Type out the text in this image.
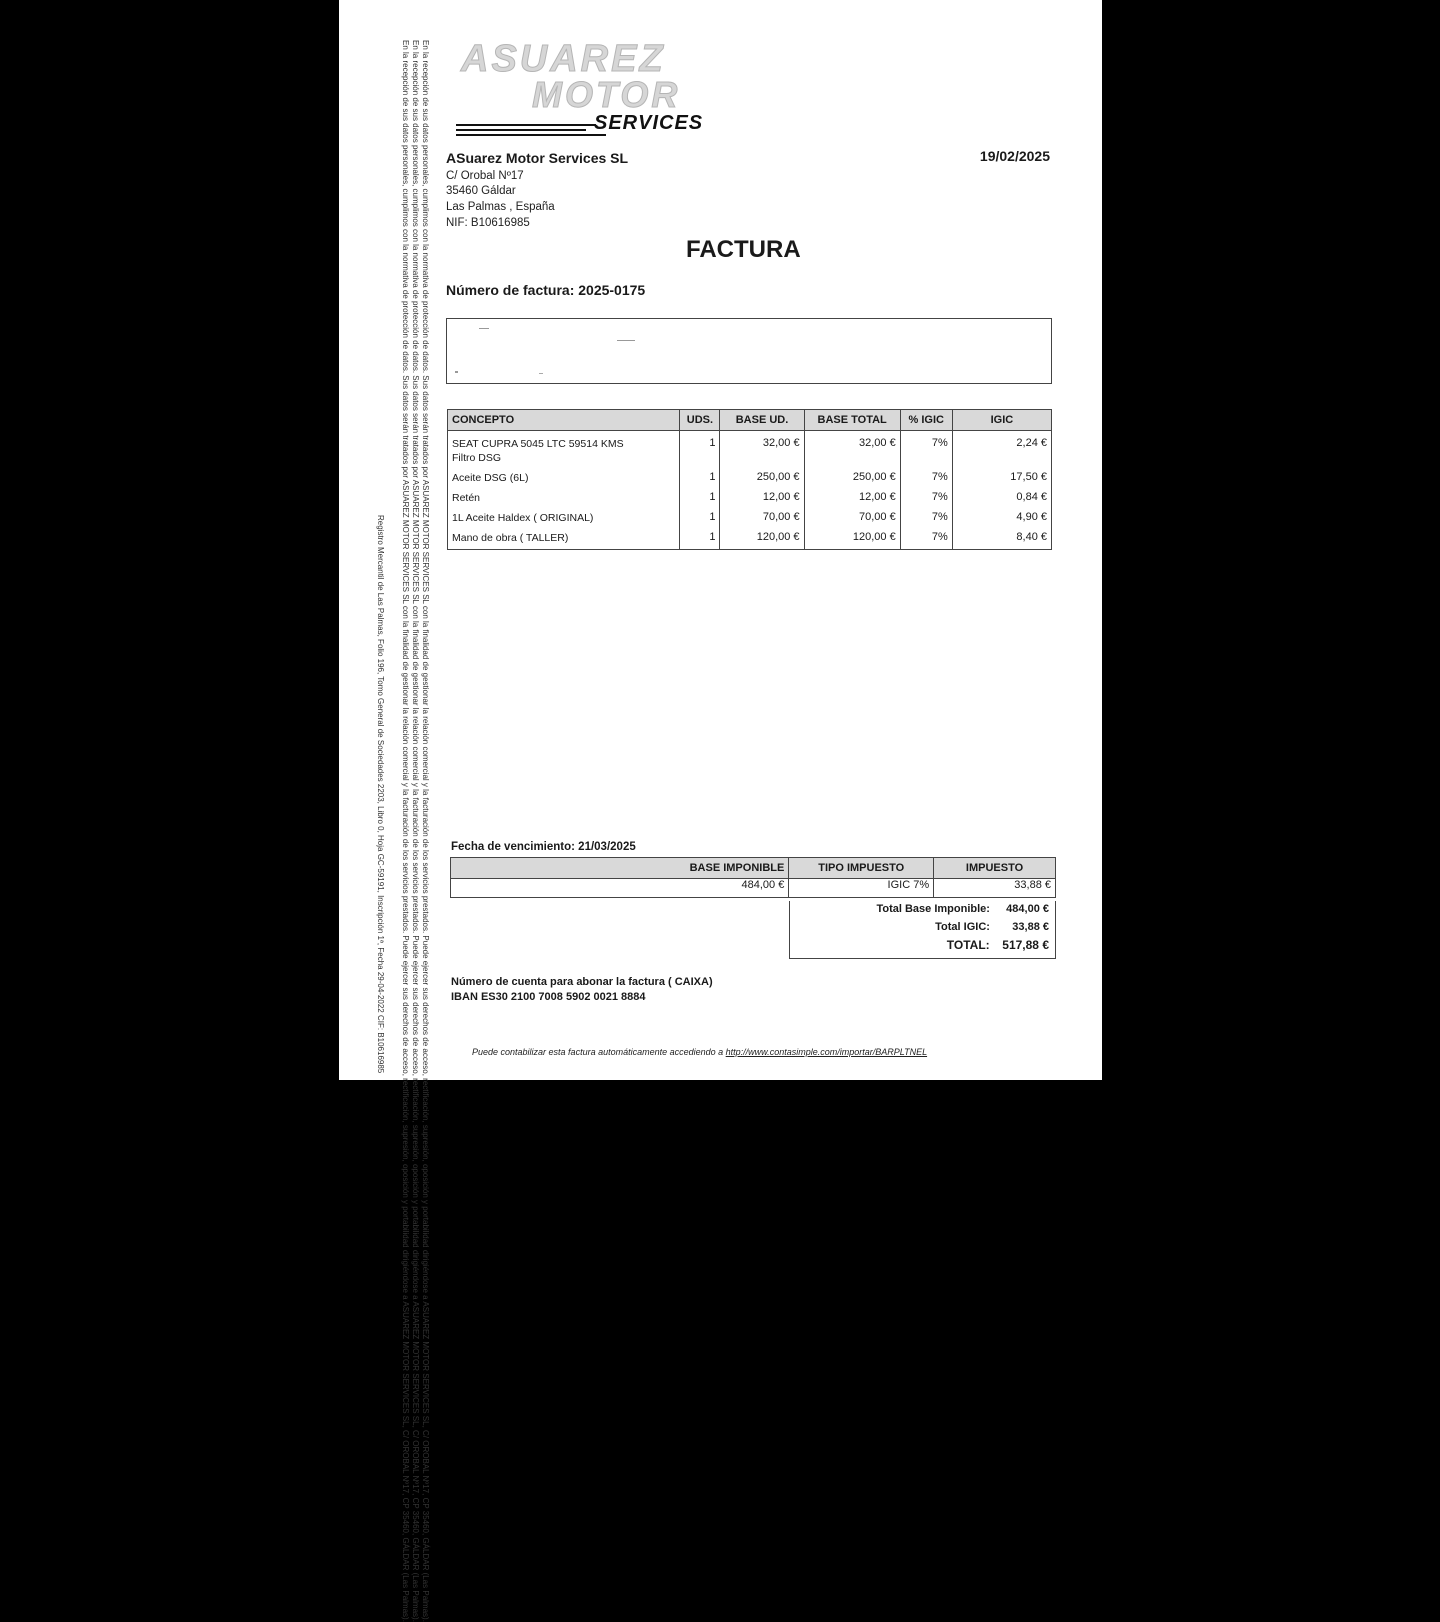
ASUAREZ
MOTOR
SERVICES
En la recepción de sus datos personales, cumplimos con la normativa de protección de datos. Sus datos serán tratados por ASUAREZ MOTOR SERVICES SL con la finalidad de gestionar la relación comercial y la facturación de los servicios prestados. Puede ejercer sus derechos de acceso, rectificación, supresión, oposición y portabilidad dirigiéndose a ASUAREZ MOTOR SERVICES SL, C/ OROBAL Nº17, CP 35460, GÁLDAR (Las Palmas).
En la recepción de sus datos personales, cumplimos con la normativa de protección de datos. Sus datos serán tratados por ASUAREZ MOTOR SERVICES SL con la finalidad de gestionar la relación comercial y la facturación de los servicios prestados. Puede ejercer sus derechos de acceso, rectificación, supresión, oposición y portabilidad dirigiéndose a ASUAREZ MOTOR SERVICES SL, C/ OROBAL Nº17, CP 35460, GÁLDAR (Las Palmas).
En la recepción de sus datos personales, cumplimos con la normativa de protección de datos. Sus datos serán tratados por ASUAREZ MOTOR SERVICES SL con la finalidad de gestionar la relación comercial y la facturación de los servicios prestados. Puede ejercer sus derechos de acceso, rectificación, supresión, oposición y portabilidad dirigiéndose a ASUAREZ MOTOR SERVICES SL, C/ OROBAL Nº17, CP 35460, GÁLDAR (Las Palmas).
Registro Mercantil de Las Palmas, Folio 196, Tomo General de Sociedades 2203, Libro 0, Hoja GC-59191, Inscripción 1ª, Fecha 29-04-2022 CIF: B10616985
ASuarez Motor Services SL
C/ Orobal Nº17
35460 Gáldar
Las Palmas , España
NIF: B10616985
19/02/2025
FACTURA
Número de factura: 2025-0175
CONCEPTO	UDS.	BASE UD.	BASE TOTAL	% IGIC	IGIC

SEAT CUPRA 5045 LTC 59514 KMS
Filtro DSG	1	32,00 €	32,00 €	7%	2,24 €
Aceite DSG (6L)	1	250,00 €	250,00 €	7%	17,50 €
Retén	1	12,00 €	12,00 €	7%	0,84 €
1L Aceite Haldex ( ORIGINAL)	1	70,00 €	70,00 €	7%	4,90 €
Mano de obra ( TALLER)	1	120,00 €	120,00 €	7%	8,40 €
Fecha de vencimiento: 21/03/2025
BASE IMPONIBLE	TIPO IMPUESTO	IMPUESTO
484,00 €	IGIC 7%	33,88 €
Total Base Imponible: 484,00 €
Total IGIC: 33,88 €
TOTAL: 517,88 €
Número de cuenta para abonar la factura ( CAIXA)
IBAN ES30 2100 7008 5902 0021 8884
Puede contabilizar esta factura automáticamente accediendo a http://www.contasimple.com/importar/BARPLTNEL
